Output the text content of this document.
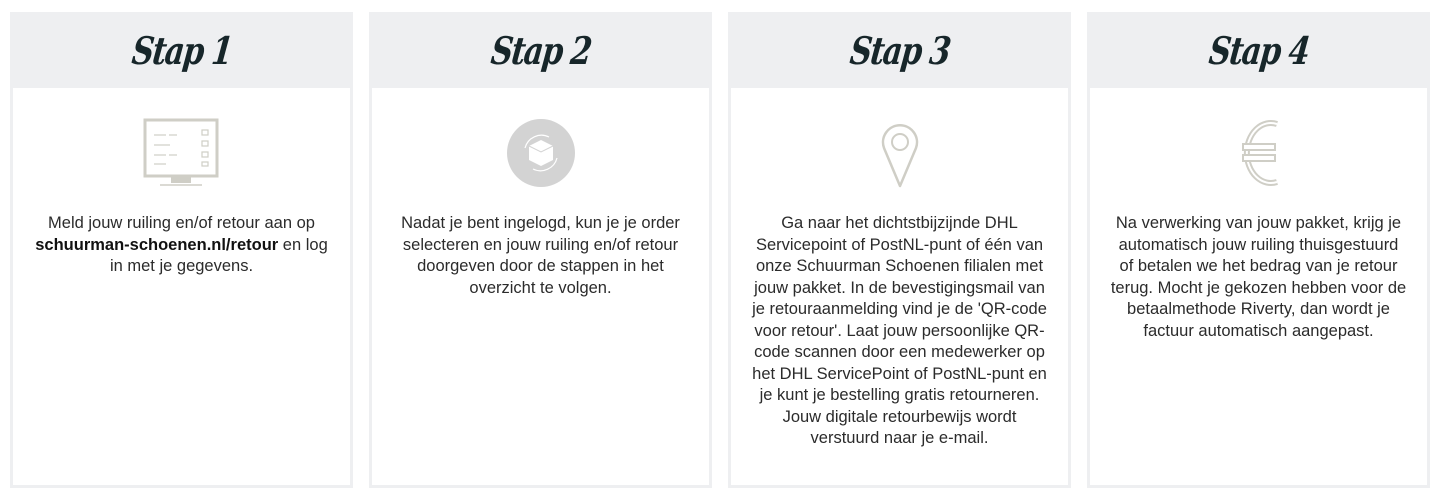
Stap 1
Meld jouw ruiling en/of retour aan op schuurman-schoenen.nl/retour en log in met je gegevens.
Stap 2
Nadat je bent ingelogd, kun je je order selecteren en jouw ruiling en/of retour doorgeven door de stappen in het overzicht te volgen.
Stap 3
Ga naar het dichtstbijzijnde DHL Servicepoint of PostNL-punt of één van onze Schuurman Schoenen filialen met jouw pakket. In de bevestigingsmail van je retouraanmelding vind je de 'QR-code voor retour'. Laat jouw persoonlijke QR-code scannen door een medewerker op het DHL ServicePoint of PostNL-punt en je kunt je bestelling gratis retourneren. Jouw digitale retourbewijs wordt verstuurd naar je e-mail.
Stap 4
Na verwerking van jouw pakket, krijg je automatisch jouw ruiling thuisgestuurd of betalen we het bedrag van je retour terug. Mocht je gekozen hebben voor de betaalmethode Riverty, dan wordt je factuur automatisch aangepast.
